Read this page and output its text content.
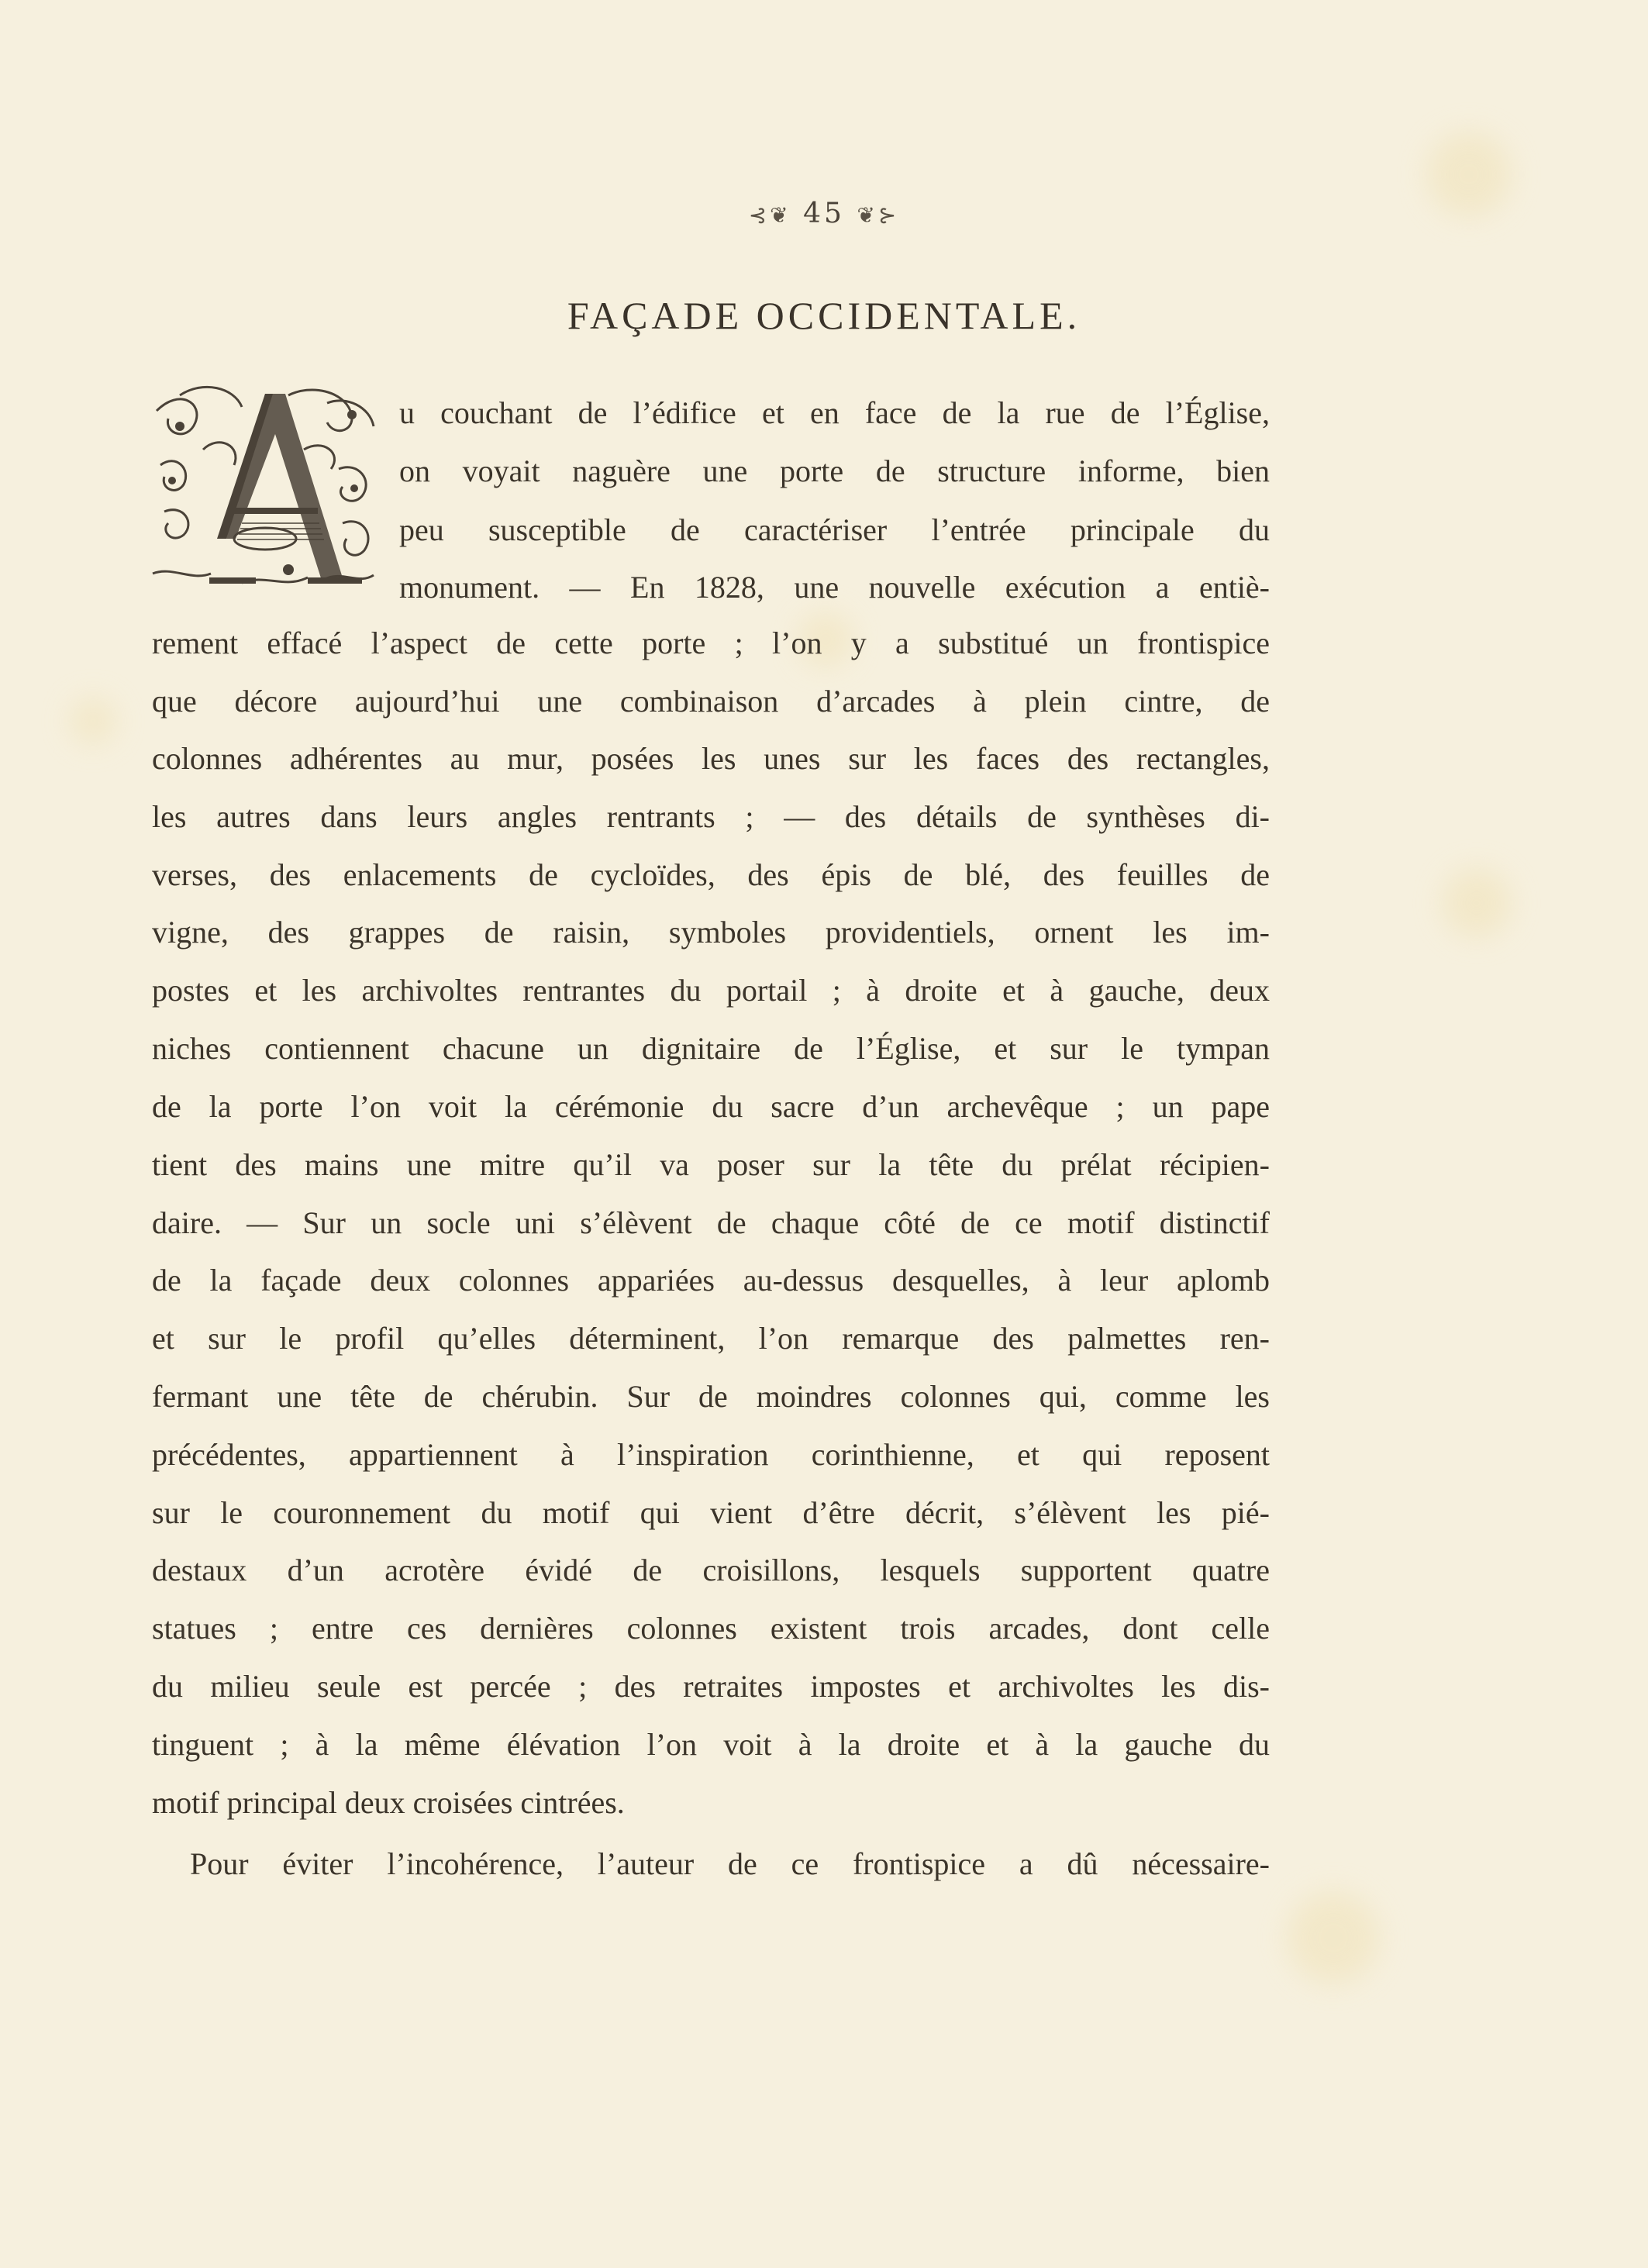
⊰❦ 45 ❦⊱
FAÇADE OCCIDENTALE.
u couchant de l’édifice et en face de la rue de l’Église,
on voyait naguère une porte de structure informe, bien
peu susceptible de caractériser l’entrée principale du
monument. — En 1828, une nouvelle exécution a entiè-
rement effacé l’aspect de cette porte ; l’on y a substitué un frontispice
que décore aujourd’hui une combinaison d’arcades à plein cintre, de
colonnes adhérentes au mur, posées les unes sur les faces des rectangles,
les autres dans leurs angles rentrants ; — des détails de synthèses di-
verses, des enlacements de cycloïdes, des épis de blé, des feuilles de
vigne, des grappes de raisin, symboles providentiels, ornent les im-
postes et les archivoltes rentrantes du portail ; à droite et à gauche, deux
niches contiennent chacune un dignitaire de l’Église, et sur le tympan
de la porte l’on voit la cérémonie du sacre d’un archevêque ; un pape
tient des mains une mitre qu’il va poser sur la tête du prélat récipien-
daire. — Sur un socle uni s’élèvent de chaque côté de ce motif distinctif
de la façade deux colonnes appariées au-dessus desquelles, à leur aplomb
et sur le profil qu’elles déterminent, l’on remarque des palmettes ren-
fermant une tête de chérubin. Sur de moindres colonnes qui, comme les
précédentes, appartiennent à l’inspiration corinthienne, et qui reposent
sur le couronnement du motif qui vient d’être décrit, s’élèvent les pié-
destaux d’un acrotère évidé de croisillons, lesquels supportent quatre
statues ; entre ces dernières colonnes existent trois arcades, dont celle
du milieu seule est percée ; des retraites impostes et archivoltes les dis-
tinguent ; à la même élévation l’on voit à la droite et à la gauche du
motif principal deux croisées cintrées.
Pour éviter l’incohérence, l’auteur de ce frontispice a dû nécessaire-
